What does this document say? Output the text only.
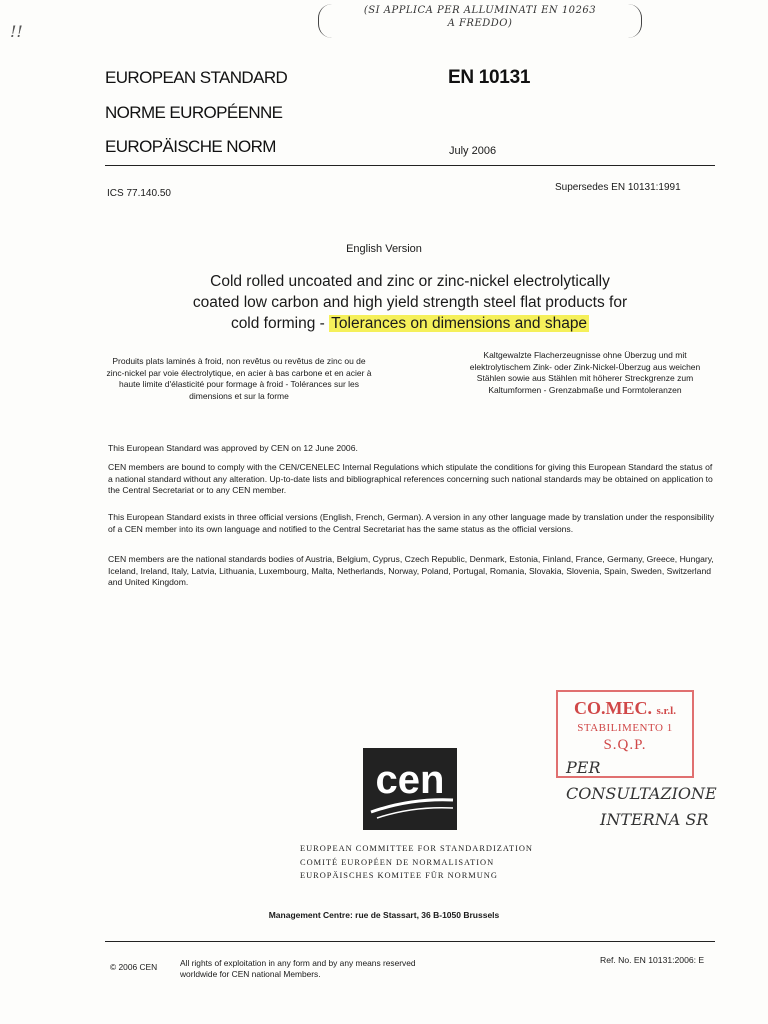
(SI APPLICA PER ALLUMINATI EN 10263
A FREDDO)
!!
EUROPEAN STANDARD
NORME EUROPÉENNE
EUROPÄISCHE NORM
EN 10131
July 2006
ICS 77.140.50
Supersedes EN 10131:1991
English Version
Cold rolled uncoated and zinc or zinc-nickel electrolytically
coated low carbon and high yield strength steel flat products for
cold forming - Tolerances on dimensions and shape
Produits plats laminés à froid, non revêtus ou revêtus de zinc ou de zinc-nickel par voie électrolytique, en acier à bas carbone et en acier à haute limite d'élasticité pour formage à froid - Tolérances sur les dimensions et sur la forme
Kaltgewalzte Flacherzeugnisse ohne Überzug und mit elektrolytischem Zink- oder Zink-Nickel-Überzug aus weichen Stählen sowie aus Stählen mit höherer Streckgrenze zum Kaltumformen - Grenzabmaße und Formtoleranzen
This European Standard was approved by CEN on 12 June 2006.
CEN members are bound to comply with the CEN/CENELEC Internal Regulations which stipulate the conditions for giving this European Standard the status of a national standard without any alteration. Up-to-date lists and bibliographical references concerning such national standards may be obtained on application to the Central Secretariat or to any CEN member.
This European Standard exists in three official versions (English, French, German). A version in any other language made by translation under the responsibility of a CEN member into its own language and notified to the Central Secretariat has the same status as the official versions.
CEN members are the national standards bodies of Austria, Belgium, Cyprus, Czech Republic, Denmark, Estonia, Finland, France, Germany, Greece, Hungary, Iceland, Ireland, Italy, Latvia, Lithuania, Luxembourg, Malta, Netherlands, Norway, Poland, Portugal, Romania, Slovakia, Slovenia, Spain, Sweden, Switzerland and United Kingdom.
CO.MEC. s.r.l.
STABILIMENTO 1
S.Q.P.
PER CONSULTAZIONE
INTERNA SR
cen
EUROPEAN COMMITTEE FOR STANDARDIZATION
COMITÉ EUROPÉEN DE NORMALISATION
EUROPÄISCHES KOMITEE FÜR NORMUNG
Management Centre: rue de Stassart, 36 B-1050 Brussels
© 2006 CEN	All rights of exploitation in any form and by any means reserved
worldwide for CEN national Members.
Ref. No. EN 10131:2006: E
